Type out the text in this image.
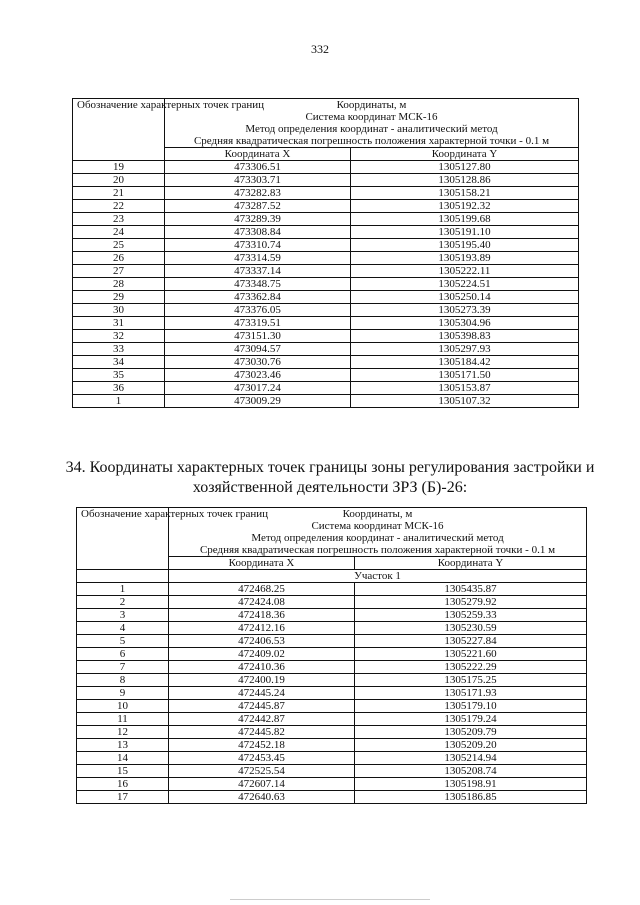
332
Обозначение характерных точек границ	Координаты, м
Система координат МСК-16
Метод определения координат - аналитический метод
Средняя квадратическая погрешность положения характерной точки - 0.1 м	

	Координата X	Координата Y
19	473306.51	1305127.80
20	473303.71	1305128.86
21	473282.83	1305158.21
22	473287.52	1305192.32
23	473289.39	1305199.68
24	473308.84	1305191.10
25	473310.74	1305195.40
26	473314.59	1305193.89
27	473337.14	1305222.11
28	473348.75	1305224.51
29	473362.84	1305250.14
30	473376.05	1305273.39
31	473319.51	1305304.96
32	473151.30	1305398.83
33	473094.57	1305297.93
34	473030.76	1305184.42
35	473023.46	1305171.50
36	473017.24	1305153.87
1	473009.29	1305107.32
34. Координаты характерных точек границы зоны регулирования застройки и хозяйственной деятельности ЗРЗ (Б)-26:
Обозначение характерных точек границ	Координаты, м
Система координат МСК-16
Метод определения координат - аналитический метод
Средняя квадратическая погрешность положения характерной точки - 0.1 м	

	Координата X	Координата Y
	Участок 1	
1	472468.25	1305435.87
2	472424.08	1305279.92
3	472418.36	1305259.33
4	472412.16	1305230.59
5	472406.53	1305227.84
6	472409.02	1305221.60
7	472410.36	1305222.29
8	472400.19	1305175.25
9	472445.24	1305171.93
10	472445.87	1305179.10
11	472442.87	1305179.24
12	472445.82	1305209.79
13	472452.18	1305209.20
14	472453.45	1305214.94
15	472525.54	1305208.74
16	472607.14	1305198.91
17	472640.63	1305186.85
